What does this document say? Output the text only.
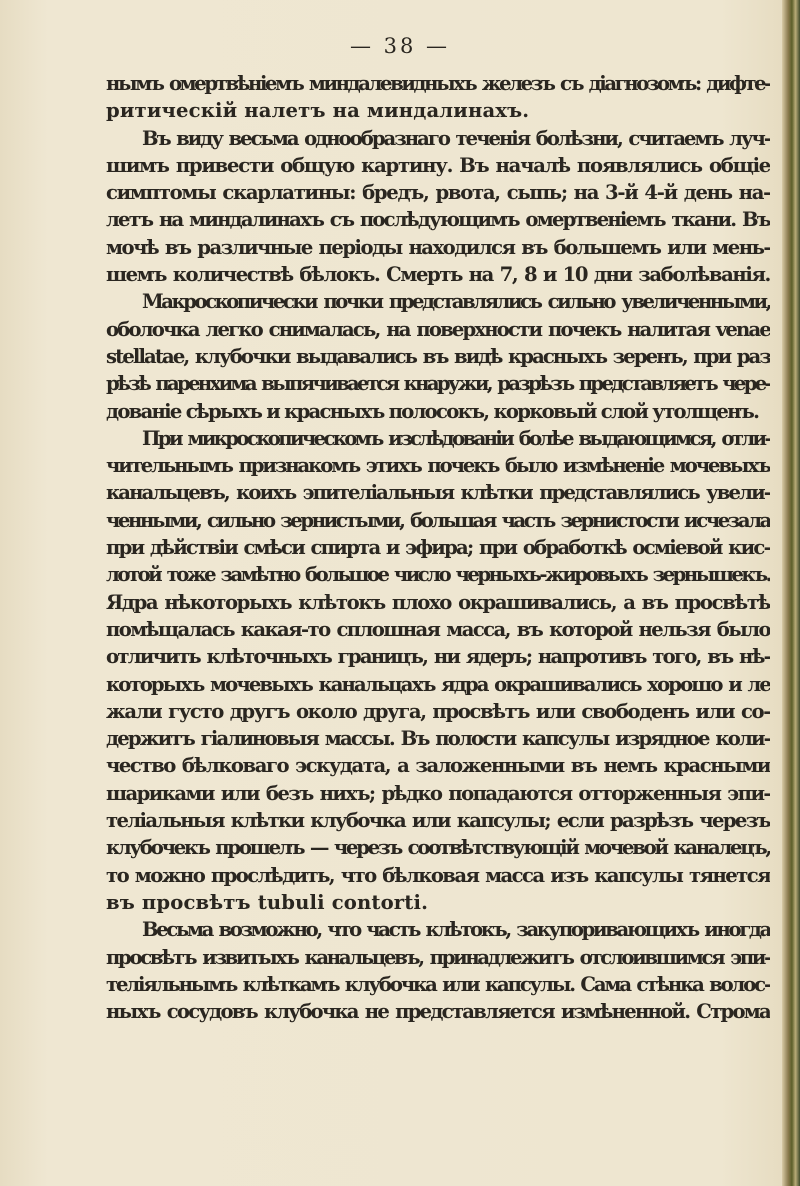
— 38 —
нымъ омертвѣніемъ миндалевидныхъ железъ съ діагнозомъ: дифте-
ритическій налетъ на миндалинахъ.
Въ виду весьма однообразнаго теченія болѣзни, считаемъ луч-
шимъ привести общую картину. Въ началѣ появлялись общіе
симптомы скарлатины: бредъ, рвота, сыпь; на 3-й 4-й день на-
летъ на миндалинахъ съ послѣдующимъ омертвеніемъ ткани. Въ
мочѣ въ различные періоды находился въ большемъ или мень-
шемъ количествѣ бѣлокъ. Смерть на 7, 8 и 10 дни заболѣванія.
Макроскопически почки представлялись сильно увеличенными,
оболочка легко снималась, на поверхности почекъ налитая venae
stellatae, клубочки выдавались въ видѣ красныхъ зеренъ, при раз
рѣзѣ паренхима выпячивается кнаружи, разрѣзъ представляетъ чере-
дованіе сѣрыхъ и красныхъ полосокъ, корковый слой утолщенъ.
При микроскопическомъ изслѣдованіи болѣе выдающимся, отли-
чительнымъ признакомъ этихъ почекъ было измѣненіе мочевыхъ
канальцевъ, коихъ эпителіальныя клѣтки представлялись увели-
ченными, сильно зернистыми, большая часть зернистости исчезала
при дѣйствіи смѣси спирта и эфира; при обработкѣ осміевой кис-
лотой тоже замѣтно большое число черныхъ-жировыхъ зернышекъ.
Ядра нѣкоторыхъ клѣтокъ плохо окрашивались, а въ просвѣтѣ
помѣщалась какая-то сплошная масса, въ которой нельзя было
отличить клѣточныхъ границъ, ни ядеръ; напротивъ того, въ нѣ-
которыхъ мочевыхъ канальцахъ ядра окрашивались хорошо и ле
жали густо другъ около друга, просвѣтъ или свободенъ или со-
держитъ гіалиновыя массы. Въ полости капсулы изрядное коли-
чество бѣлковаго эскудата, а заложенными въ немъ красными
шариками или безъ нихъ; рѣдко попадаются отторженныя эпи-
теліальныя клѣтки клубочка или капсулы; если разрѣзъ черезъ
клубочекъ прошелъ — черезъ соотвѣтствующій мочевой каналецъ,
то можно прослѣдить, что бѣлковая масса изъ капсулы тянется
въ просвѣтъ tubuli contorti.
Весьма возможно, что часть клѣтокъ, закупоривающихъ иногда
просвѣтъ извитыхъ канальцевъ, принадлежитъ отслоившимся эпи-
теліяльнымъ клѣткамъ клубочка или капсулы. Сама стѣнка волос-
ныхъ сосудовъ клубочка не представляется измѣненной. Строма
